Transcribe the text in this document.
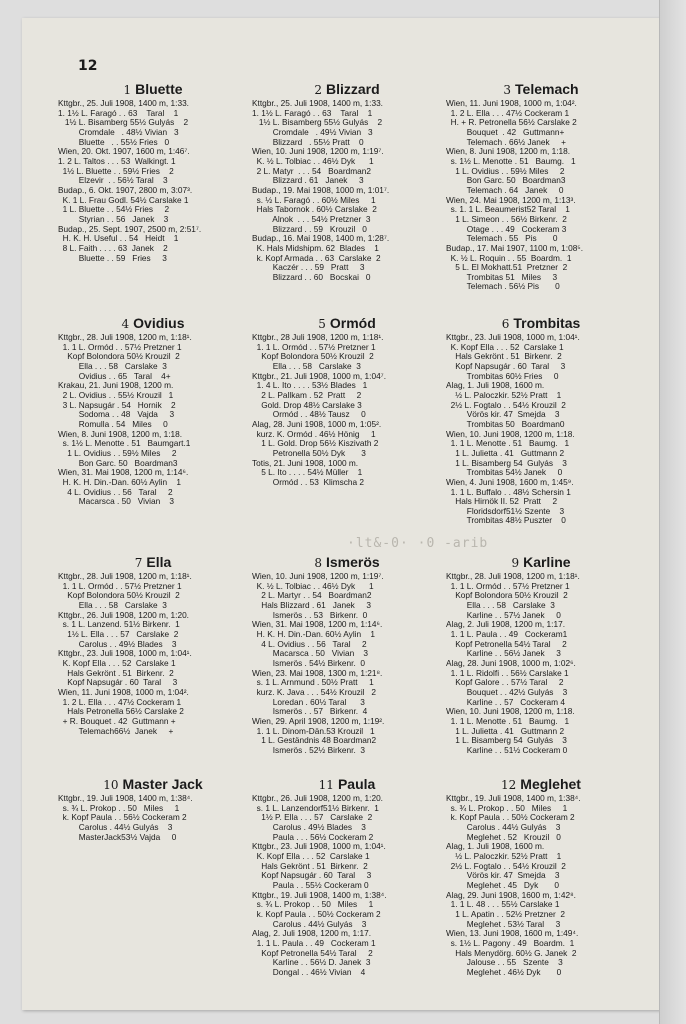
12
·lt&-0· ·0 -arib
1 Bluette
Kttgbr., 25. Juli 1908, 1400 m, 1:33.
1. 1½ L. Faragó . . 63    Taral    1
1½ L. Bisamberg 55½ Gulyás    2
Cromdale   . 48½ Vivian   3
Bluette   . . 55½ Fries   0
Wien, 20. Okt. 1907, 1600 m, 1:46⁷.
1. 2 L. Taltos . . . 53  Walkingt. 1
1½ L. Bluette . . 59½ Fries    2
Elzevir  . . 56½ Taral    3
Budap., 6. Okt. 1907, 2800 m, 3:07³.
K. 1 L. Frau Godl. 54½ Carslake 1
1 L. Bluette . . 54½ Fries     2
Styrian . . 56   Janek    3
Budap., 25. Sept. 1907, 2500 m, 2:51⁷.
H. K. H. Useful . . 54   Heidt    1
8 L. Faith . . . . 63  Janek    2
Bluette . . 59   Fries     3
2 Blizzard
Kttgbr., 25. Juli 1908, 1400 m, 1:33.
1. 1½ L. Faragó . . 63    Taral    1
1½ L. Bisamberg 55½ Gulyás    2
Cromdale   . 49½ Vivian   3
Blizzard   . 55½ Pratt    0
Wien, 10. Juni 1908, 1200 m, 1:19⁷.
K. ½ L. Tolbiac . . 46½ Dyk      1
2 L. Matyr  . . . 54   Boardman2
Blizzard . 61   Janek     3
Budap., 19. Mai 1908, 1000 m, 1:01⁷.
s. ½ L. Faragó . . 60½ Miles     1
Hals Tabornok . 60½ Carslake  2
Alnok  . . . 54½ Pretzner  3
Blizzard . . 59   Krouzil   0
Budap., 16. Mai 1908, 1400 m, 1:28⁷.
K. Hals Midshipm. 62  Blades    1
k. Kopf Armada . . 63  Carslake  2
Kaczér . . . 59   Pratt     3
Blizzard . . 60   Bocskai   0
3 Telemach
Wien, 11. Juni 1908, 1000 m, 1:04².
1. 2 L. Ella . . . 47½ Cockeram 1
H. + R. Petronella 56½ Carslake 2
Bouquet  . 42   Guttmann+
Telemach . 66½ Janek     +
Wien, 8. Juni 1908, 1200 m, 1:18.
s. 1½ L. Menotte . 51   Baumg.   1
1 L. Ovidius . . 59½ Miles     2
Bon Garc. 50   Boardman3
Telemach . 64   Janek     0
Wien, 24. Mai 1908, 1200 m, 1:13³.
s. 1. 1 L. Beaumerist52 Taral    1
1 L. Simeon . . 56½ Birkenr.  2
Otage . . . 49   Cockeram 3
Telemach . 55   Pis       0
Budap., 17. Mai 1907, 1100 m, 1:08⁵.
K. ½ L. Roquin . . 55  Boardm.  1
5 L. El Mokhatt.51  Pretzner  2
Trombitas 51   Miles     3
Telemach . 56½ Pis       0
4 Ovidius
Kttgbr., 28. Juli 1908, 1200 m, 1:18¹.
1. 1 L. Ormód . . 57½ Pretzner 1
Kopf Bolondora 50½ Krouzil  2
Ella . . . 58   Carslake  3
Ovidius . . 65   Taral    4+
Krakau, 21. Juni 1908, 1200 m.
2 L. Ovidius . . 55½ Krouzil   1
3 L. Napsugár . 54   Hornik    2
Sodoma . . 48   Vajda     3
Romulla . 54   Miles     0
Wien, 8. Juni 1908, 1200 m, 1:18.
s. 1½ L. Menotte . 51   Baumgart.1
1 L. Ovidius . . 59½ Miles     2
Bon Garc. 50   Boardman3
Wien, 31. Mai 1908, 1200 m, 1:14⁶.
H. K. H. Din.-Dan. 60½ Aylin    1
4 L. Ovidius . . 56   Taral     2
Macarsca . 50   Vivian    3
5 Ormód
Kttgbr., 28 Juli 1908, 1200 m, 1:18¹.
1. 1 L. Ormód . . 57½ Pretzner 1
Kopf Bolondora 50½ Krouzil  2
Ella . . . 58   Carslake  3
Kttgbr., 21. Juli 1908, 1000 m, 1:04⁷.
1. 4 L. Ito . . . . 53½ Blades   1
2 L. Pallkam . 52  Pratt     2
Gold. Drop 48½ Carslake 3
Ormód . . 48½ Tausz     0
Alag, 28. Juni 1908, 1000 m, 1:05².
kurz. K. Ormód . 46½ Hönig     1
1 L. Gold. Drop 56½ Kiszivath 2
Petronella 50½ Dyk       3
Totis, 21. Juni 1908, 1000 m.
5 L. Ito . . . . 54½ Müller    1
Ormód . . 53  Klimscha 2
6 Trombitas
Kttgbr., 23. Juli 1908, 1000 m, 1:04¹.
K. Kopf Ella . . . 52  Carslake 1
Hals Gekrönt . 51  Birkenr.  2
Kopf Napsugár . 60  Taral     3
Trombitas 60½ Fries     0
Alag, 1. Juli 1908, 1600 m.
½ L. Paloczkir. 52½ Pratt    1
2½ L. Fogtalo . . 54½ Krouzil  2
Vörös kir. 47  Smejda    3
Trombitas 50   Boardman0
Wien, 10. Juni 1908, 1200 m, 1:18.
1. 1 L. Menotte . 51   Baumg.   1
1 L. Julietta . 41   Guttmann 2
1 L. Bisamberg 54  Gulyás    3
Trombitas 54½ Janek     0
Wien, 4. Juni 1908, 1600 m, 1:45⁹.
1. 1 L. Buffalo . . 48½ Schersin 1
Hals Hirnök II. 52  Pratt     2
Floridsdorf51½ Szente    3
Trombitas 48½ Puszter    0
7 Ella
Kttgbr., 28. Juli 1908, 1200 m, 1:18¹.
1. 1 L. Ormód . . 57½ Pretzner 1
Kopf Bolondora 50½ Krouzil  2
Ella . . . 58   Carslake  3
Kttgbr., 26. Juli 1908, 1200 m, 1:20.
s. 1 L. Lanzend. 51½ Birkenr.  1
1½ L. Ella . . . 57   Carslake  2
Carolus . . 49½ Blades    3
Kttgbr., 23. Juli 1908, 1000 m, 1:04¹.
K. Kopf Ella . . . 52  Carslake 1
Hals Gekrönt . 51  Birkenr.  2
Kopf Napsugár . 60  Taral     3
Wien, 11. Juni 1908, 1000 m, 1:04².
1. 2 L. Ella . . . 47½ Cockeram 1
Hals Petronella 56½ Carslake 2
+ R. Bouquet . 42  Guttmann +
Telemach66½  Janek     +
8 Ismerös
Wien, 10. Juni 1908, 1200 m, 1:19⁷.
K. ½ L. Tolbiac . . 46½ Dyk      1
2 L. Martyr . . 54   Boardman2
Hals Blizzard . 61   Janek     3
Ismerös . . 53   Birkenr.  0
Wien, 31. Mai 1908, 1200 m, 1:14⁶.
H. K. H. Din.-Dan. 60½ Aylin    1
4 L. Ovidius . . 56   Taral     2
Macarsca . 50   Vivian    3
Ismerös . 54½ Birkenr.  0
Wien, 23. Mai 1908, 1300 m, 1:21⁸.
s. 1 L. Arnmund . 50½ Pratt     1
kurz. K. Java . . . 54½ Krouzil   2
Loredan . 60½ Taral      3
Ismerös . . 57   Birkenr.  4
Wien, 29. April 1908, 1200 m, 1:19².
1. 1 L. Dinom-Dän.53 Krouzil   1
1 L. Geständnis 48 Boardman2
Ismerös . 52½ Birkenr.  3
9 Karline
Kttgbr., 28. Juli 1908, 1200 m, 1:18¹.
1. 1 L. Ormód . . 57½ Pretzner 1
Kopf Bolondora 50½ Krouzil  2
Ella . . . 58   Carslake  3
Karline . . 57½ Janek     0
Alag, 2. Juli 1908, 1200 m, 1:17.
1. 1 L. Paula . . 49   Cockeram1
Kopf Petronella 54½ Taral     2
Karline . . 56½ Janek     3
Alag, 28. Juni 1908, 1000 m, 1:02⁶.
1. 1 L. Ridolfi . . 56½ Carslake 1
Kopf Galore . . 57½ Taral     2
Bouquet . . 42½ Gulyás    3
Karline . . 57   Cockeram 4
Wien, 10. Juni 1908, 1200 m, 1:18.
1. 1 L. Menotte . 51   Baumg.   1
1 L. Julietta . 41   Guttmann 2
1 L. Bisamberg 54  Gulyás    3
Karline . . 51½ Cockeram 0
10 Master Jack
Kttgbr., 19. Juli 1908, 1400 m, 1:38⁴.
s. ¾ L. Prokop . . 50   Miles     1
k. Kopf Paula . . 56½ Cockeram 2
Carolus . 44½ Gulyás    3
MasterJack53½ Vajda     0
11 Paula
Kttgbr., 26. Juli 1908, 1200 m, 1:20.
s. 1 L. Lanzendorf51½ Birkenr.  1
1½ P. Ella . . . 57   Carslake  2
Carolus . 49½ Blades    3
Paula . . . 56½ Cockeram 2
Kttgbr., 23. Juli 1908, 1000 m, 1:04¹.
K. Kopf Ella . . . 52  Carslake 1
Hals Gekrönt . 51  Birkenr.  2
Kopf Napsugár . 60  Taral     3
Paula . . 55½ Cockeram 0
Kttgbr., 19. Juli 1908, 1400 m, 1:38⁴.
s. ¾ L. Prokop . . 50   Miles     1
k. Kopf Paula . . 50½ Cockeram 2
Carolus . 44½ Gulyás    3
Alag, 2. Juli 1908, 1200 m, 1:17.
1. 1 L. Paula . . 49   Cockeram 1
Kopf Petronella 54½ Taral     2
Karline . . 56½ D. Janek  3
Dongal . . 46½ Vivian    4
12 Meglehet
Kttgbr., 19. Juli 1908, 1400 m, 1:38⁴.
s. ¾ L. Prokop . . 50   Miles     1
k. Kopf Paula . . 50½ Cockeram 2
Carolus . 44½ Gulyás    3
Meglehet . 52   Krouzil   0
Alag, 1. Juli 1908, 1600 m.
½ L. Paloczkir. 52½ Pratt    1
2½ L. Fogtalo . . 54½ Krouzil  2
Vörös kir. 47  Smejda    3
Meglehet . 45   Dyk       0
Alag, 29. Juni 1908, 1600 m, 1:42⁸.
1. 1 L. 48 . . . 55½ Carslake 1
1 L. Apatin . . 52½ Pretzner  2
Meglehet . 53½ Taral     3
Wien, 13. Juni 1908, 1600 m, 1:49⁴.
s. 1½ L. Pagony . 49   Boardm.  1
Hals Menydörg. 60½ G. Janek  2
Jalouse . . 55   Szente    3
Meglehet . 46½ Dyk       0
